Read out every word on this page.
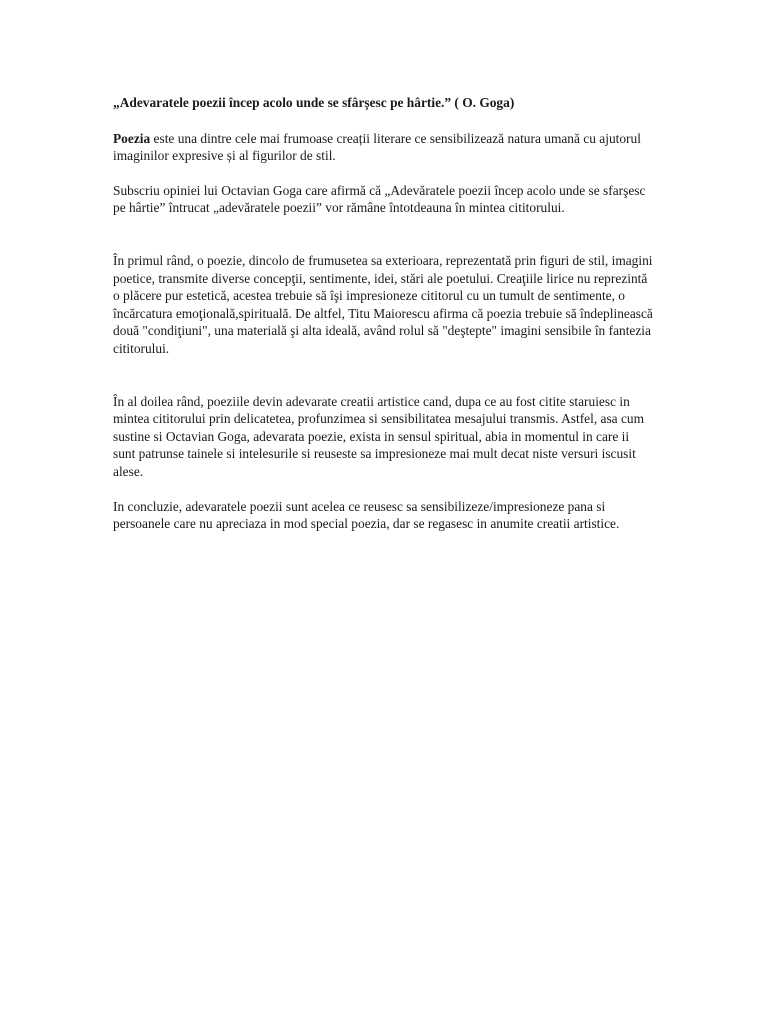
„Adevaratele poezii încep acolo unde se sfârșesc pe hârtie.” ( O. Goga)

Poezia este una dintre cele mai frumoase creații literare ce sensibilizează natura umană cu ajutorul imaginilor expresive și al figurilor de stil.

Subscriu opiniei lui Octavian Goga care afirmă că „Adevăratele poezii încep acolo unde se sfarşesc pe hârtie” întrucat „adevăratele poezii” vor rămâne întotdeauna în mintea cititorului.

În primul rând, o poezie, dincolo de frumusetea sa exterioara, reprezentată prin figuri de stil, imagini poetice, transmite diverse concepţii, sentimente, idei, stări ale poetului. Creaţiile lirice nu reprezintă o plăcere pur estetică, acestea trebuie să îşi impresioneze cititorul cu un tumult de sentimente, o încărcatura emoţională,spirituală. De altfel, Titu Maiorescu afirma că poezia trebuie să îndeplinească două "condiţiuni", una materială şi alta ideală, având rolul să "deştepte" imagini sensibile în fantezia cititorului.

În al doilea rând, poeziile devin adevarate creatii artistice cand, dupa ce au fost citite staruiesc in mintea cititorului prin delicatetea, profunzimea si sensibilitatea mesajului transmis. Astfel, asa cum sustine si Octavian Goga, adevarata poezie, exista in sensul spiritual, abia in momentul in care ii sunt patrunse tainele si intelesurile si reuseste sa impresioneze mai mult decat niste versuri iscusit alese.

In concluzie, adevaratele poezii sunt acelea ce reusesc sa sensibilizeze/impresioneze pana si persoanele care nu apreciaza in mod special poezia, dar se regasesc in anumite creatii artistice.
